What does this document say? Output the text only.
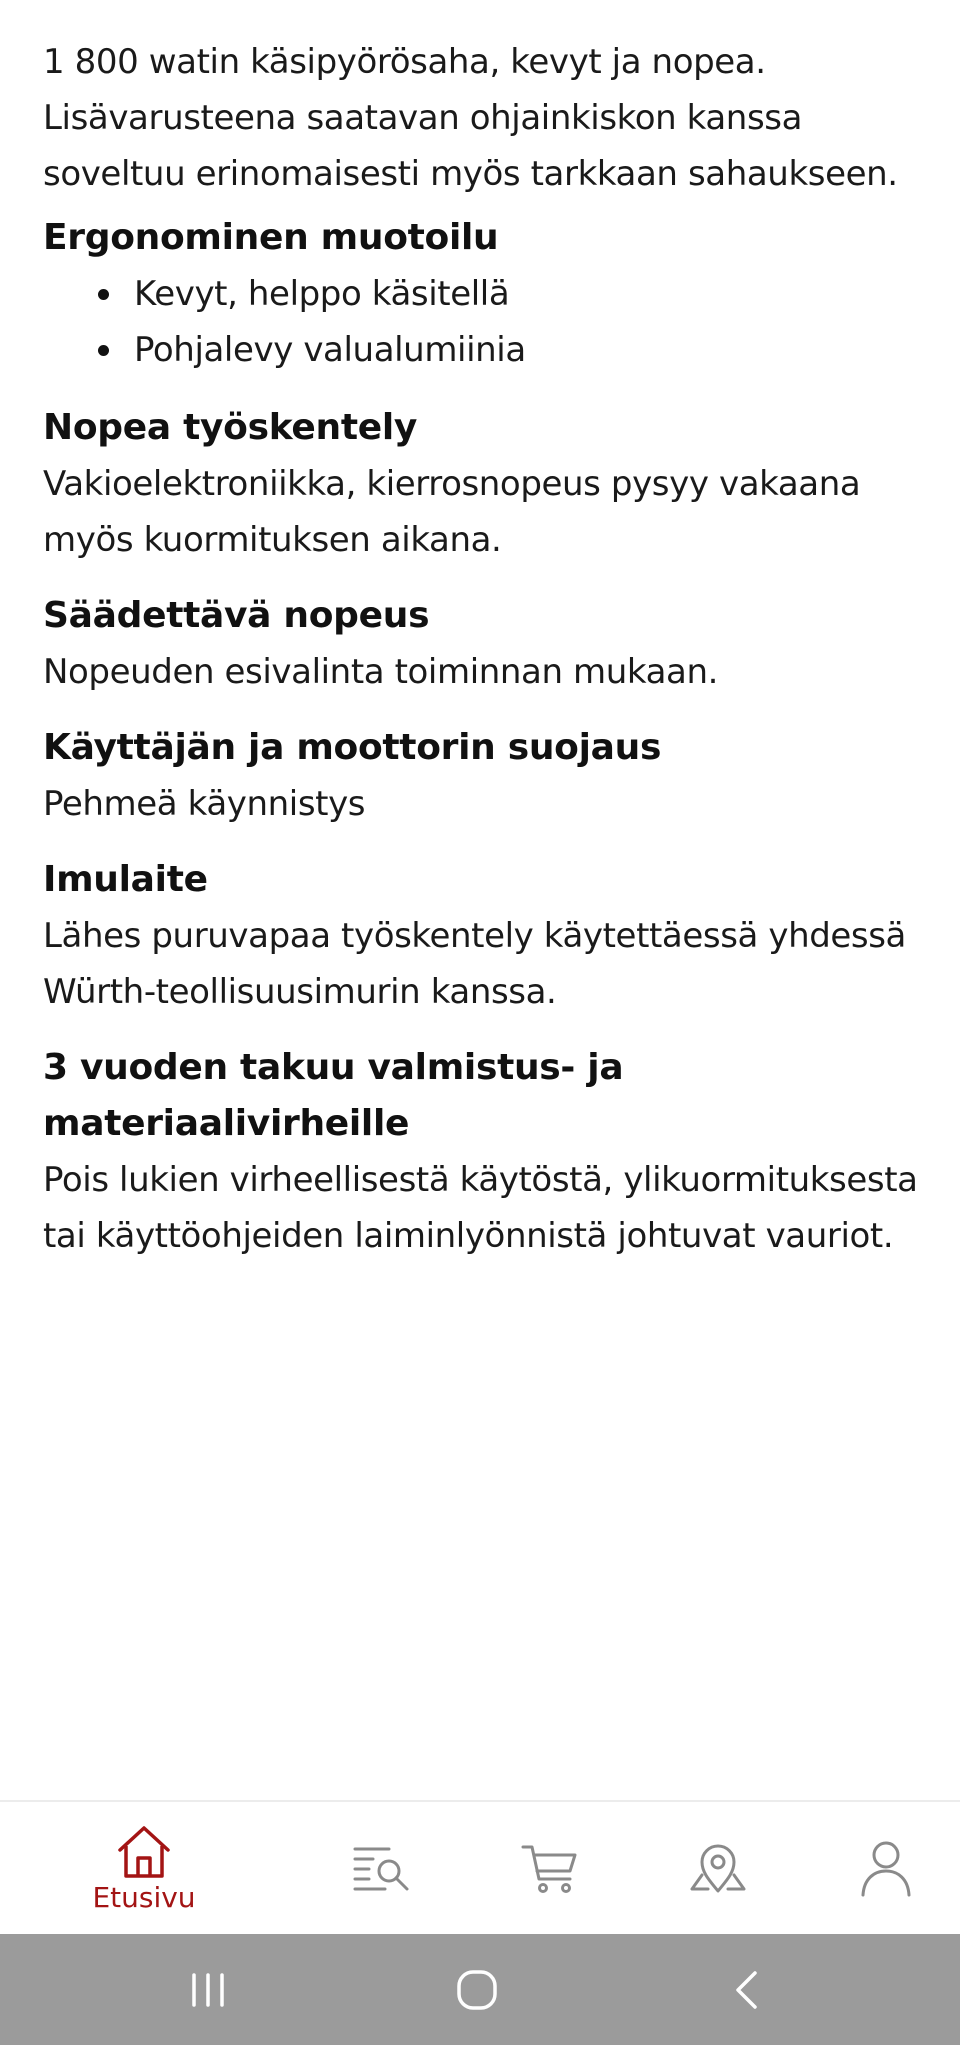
1 800 watin käsipyörösaha, kevyt ja nopea. Lisävarusteena saatavan ohjainkiskon kanssa soveltuu erinomaisesti myös tarkkaan sahaukseen.

Ergonominen muotoilu
Kevyt, helppo käsitellä
Pohjalevy valualumiinia
Nopea työskentely

Vakioelektroniikka, kierrosnopeus pysyy vakaana myös kuormituksen aikana.

Säädettävä nopeus

Nopeuden esivalinta toiminnan mukaan.

Käyttäjän ja moottorin suojaus

Pehmeä käynnistys

Imulaite

Lähes puruvapaa työskentely käytettäessä yhdessä Würth-teollisuusimurin kanssa.

3 vuoden takuu valmistus- ja materiaalivirheille

Pois lukien virheellisestä käytöstä, ylikuormituksesta tai käyttöohjeiden laiminlyönnistä johtuvat vauriot.

Etusivu
